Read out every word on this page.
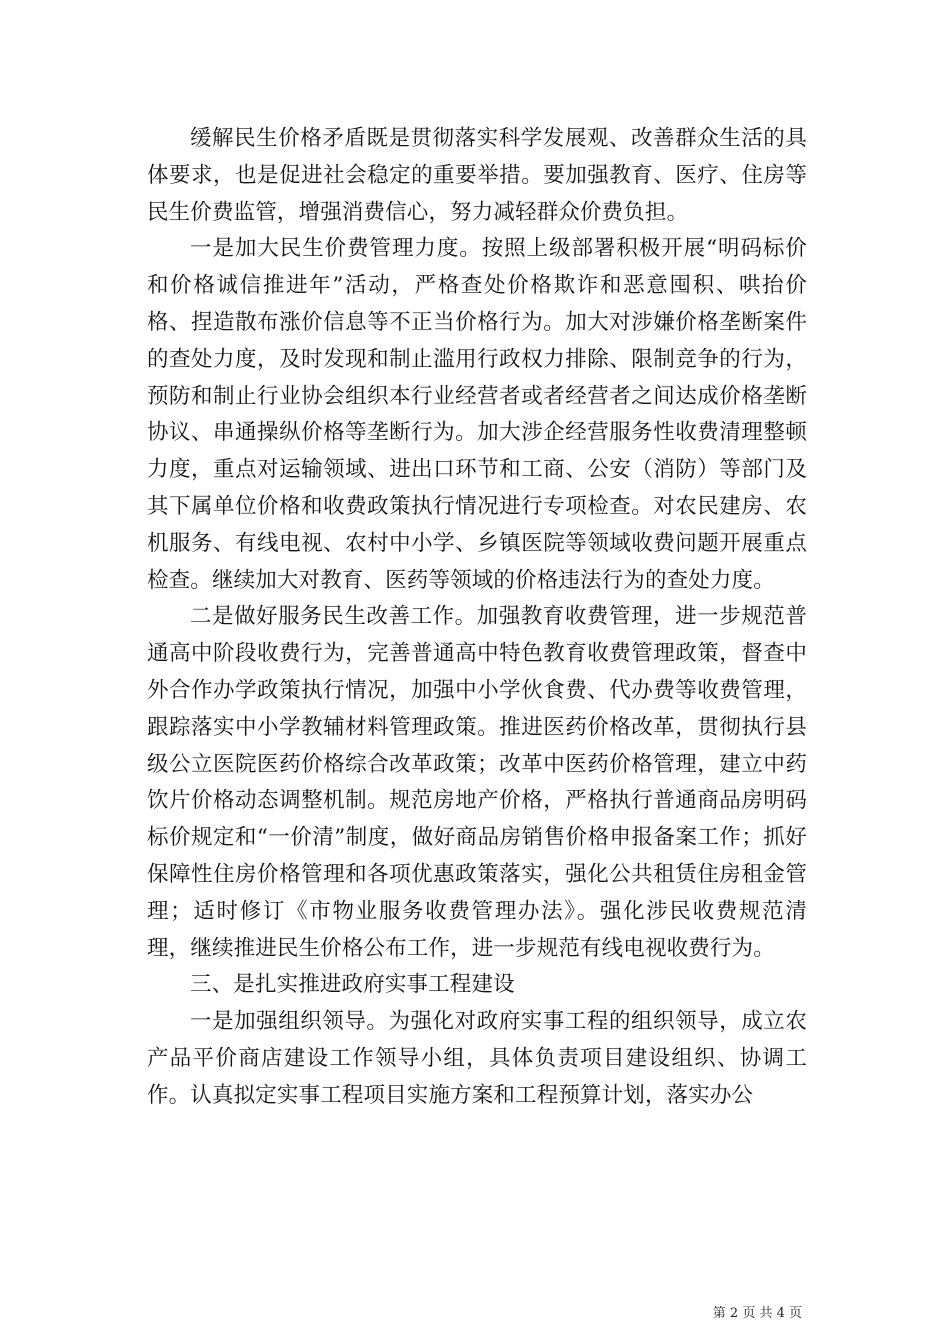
缓解民生价格矛盾既是贯彻落实科学发展观、改善群众生活的具体要求，也是促进社会稳定的重要举措。要加强教育、医疗、住房等民生价费监管，增强消费信心，努力减轻群众价费负担。

一是加大民生价费管理力度。按照上级部署积极开展“明码标价和价格诚信推进年”活动，严格查处价格欺诈和恶意囤积、哄抬价格、捏造散布涨价信息等不正当价格行为。加大对涉嫌价格垄断案件的查处力度，及时发现和制止滥用行政权力排除、限制竞争的行为，预防和制止行业协会组织本行业经营者或者经营者之间达成价格垄断协议、串通操纵价格等垄断行为。加大涉企经营服务性收费清理整顿力度，重点对运输领域、进出口环节和工商、公安（消防）等部门及其下属单位价格和收费政策执行情况进行专项检查。对农民建房、农机服务、有线电视、农村中小学、乡镇医院等领域收费问题开展重点检查。继续加大对教育、医药等领域的价格违法行为的查处力度。

二是做好服务民生改善工作。加强教育收费管理，进一步规范普通高中阶段收费行为，完善普通高中特色教育收费管理政策，督查中外合作办学政策执行情况，加强中小学伙食费、代办费等收费管理，跟踪落实中小学教辅材料管理政策。推进医药价格改革，贯彻执行县级公立医院医药价格综合改革政策；改革中医药价格管理，建立中药饮片价格动态调整机制。规范房地产价格，严格执行普通商品房明码标价规定和“一价清”制度，做好商品房销售价格申报备案工作；抓好保障性住房价格管理和各项优惠政策落实，强化公共租赁住房租金管理；适时修订《市物业服务收费管理办法》。强化涉民收费规范清理，继续推进民生价格公布工作，进一步规范有线电视收费行为。

三、是扎实推进政府实事工程建设

一是加强组织领导。为强化对政府实事工程的组织领导，成立农产品平价商店建设工作领导小组，具体负责项目建设组织、协调工作。认真拟定实事工程项目实施方案和工程预算计划，落实办公

第 2 页 共 4 页
